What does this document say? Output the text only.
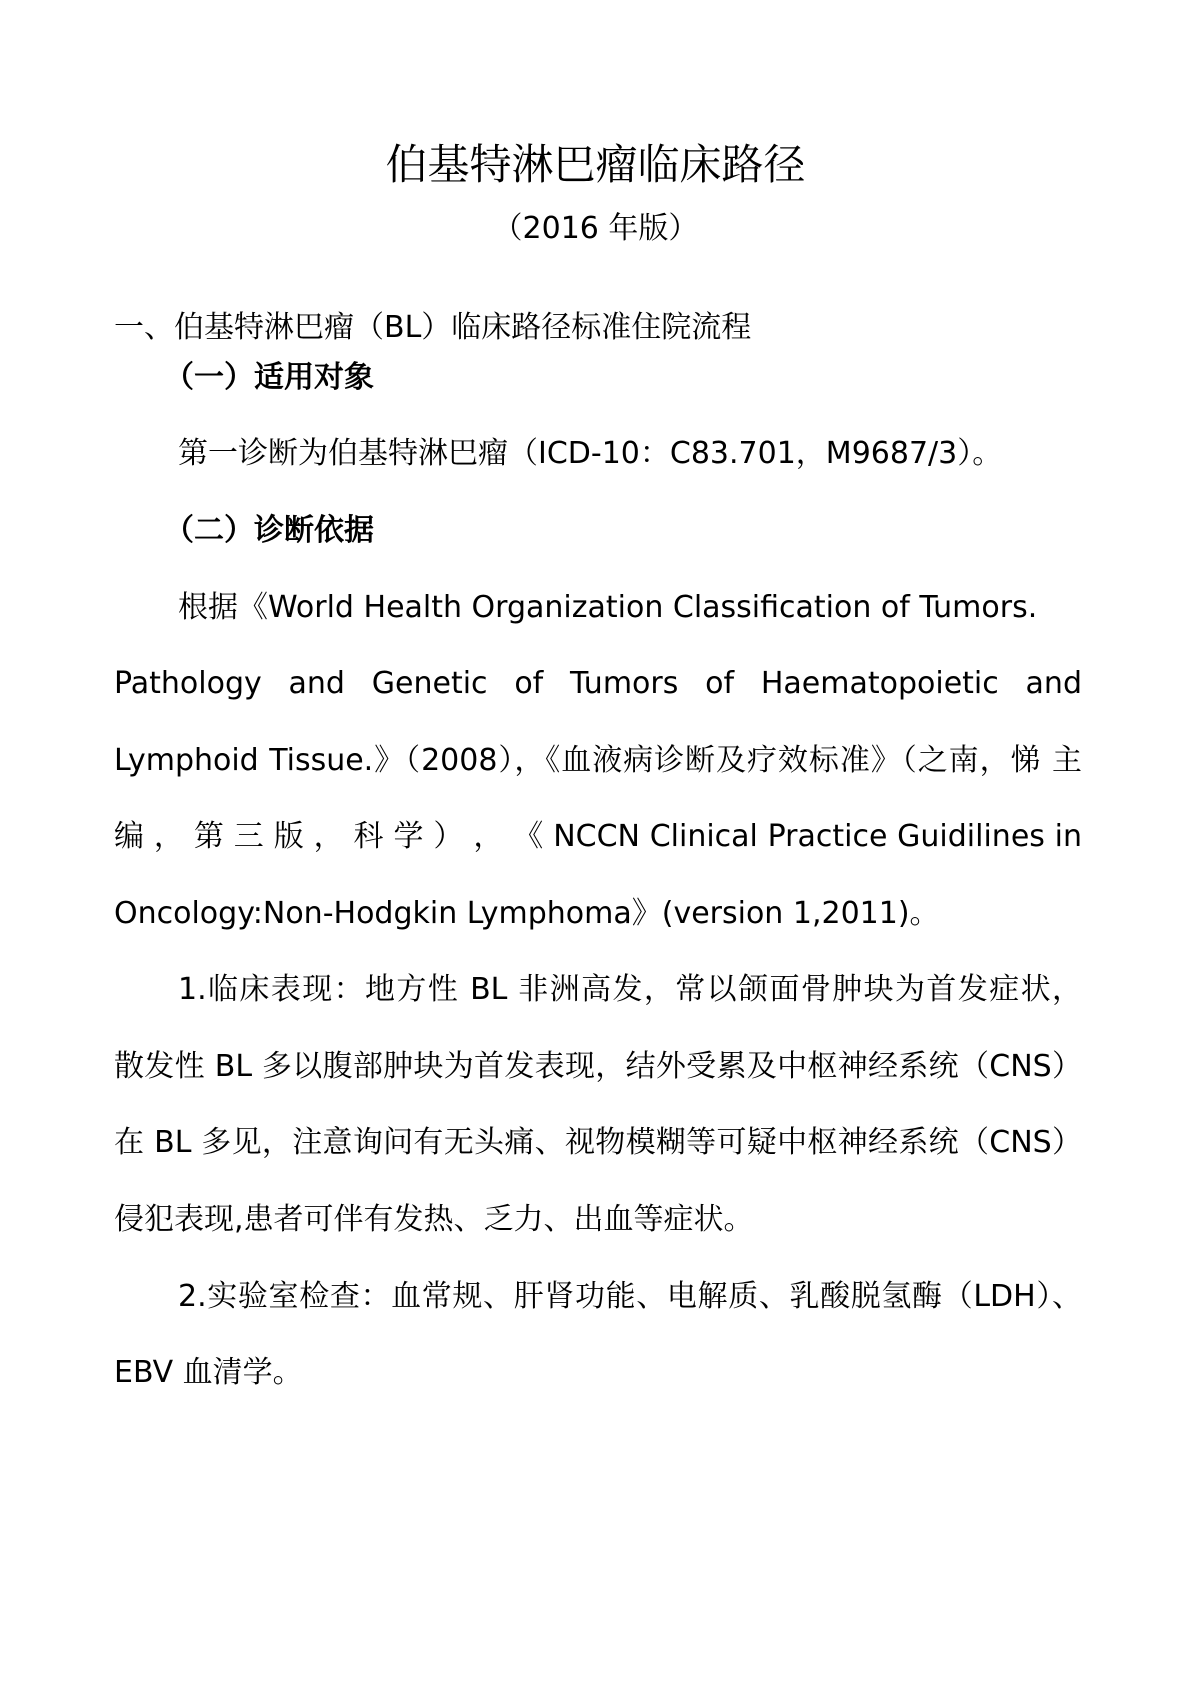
伯基特淋巴瘤临床路径
（2016 年版）
一、伯基特淋巴瘤（BL）临床路径标准住院流程
（一）适用对象
第一诊断为伯基特淋巴瘤（ICD-10：C83.701，M9687/3）。
（二）诊断依据
根据《World Health Organization Classification of Tumors.
Pathology and Genetic of Tumors of Haematopoietic and
Lymphoid Tissue.》（2008），《血液病诊断及疗效标准》（之南，悌 主
编 ， 第 三 版 ， 科 学 ） ， 《 NCCN Clinical Practice Guidilines in
Oncology:Non-Hodgkin Lymphoma》(version 1,2011)。
1.临床表现：地方性 BL 非洲高发，常以颌面骨肿块为首发症状，
散发性 BL 多以腹部肿块为首发表现，结外受累及中枢神经系统（CNS）
在 BL 多见，注意询问有无头痛、视物模糊等可疑中枢神经系统（CNS）
侵犯表现,患者可伴有发热、乏力、出血等症状。
2.实验室检查：血常规、肝肾功能、电解质、乳酸脱氢酶（LDH）、
EBV 血清学。
